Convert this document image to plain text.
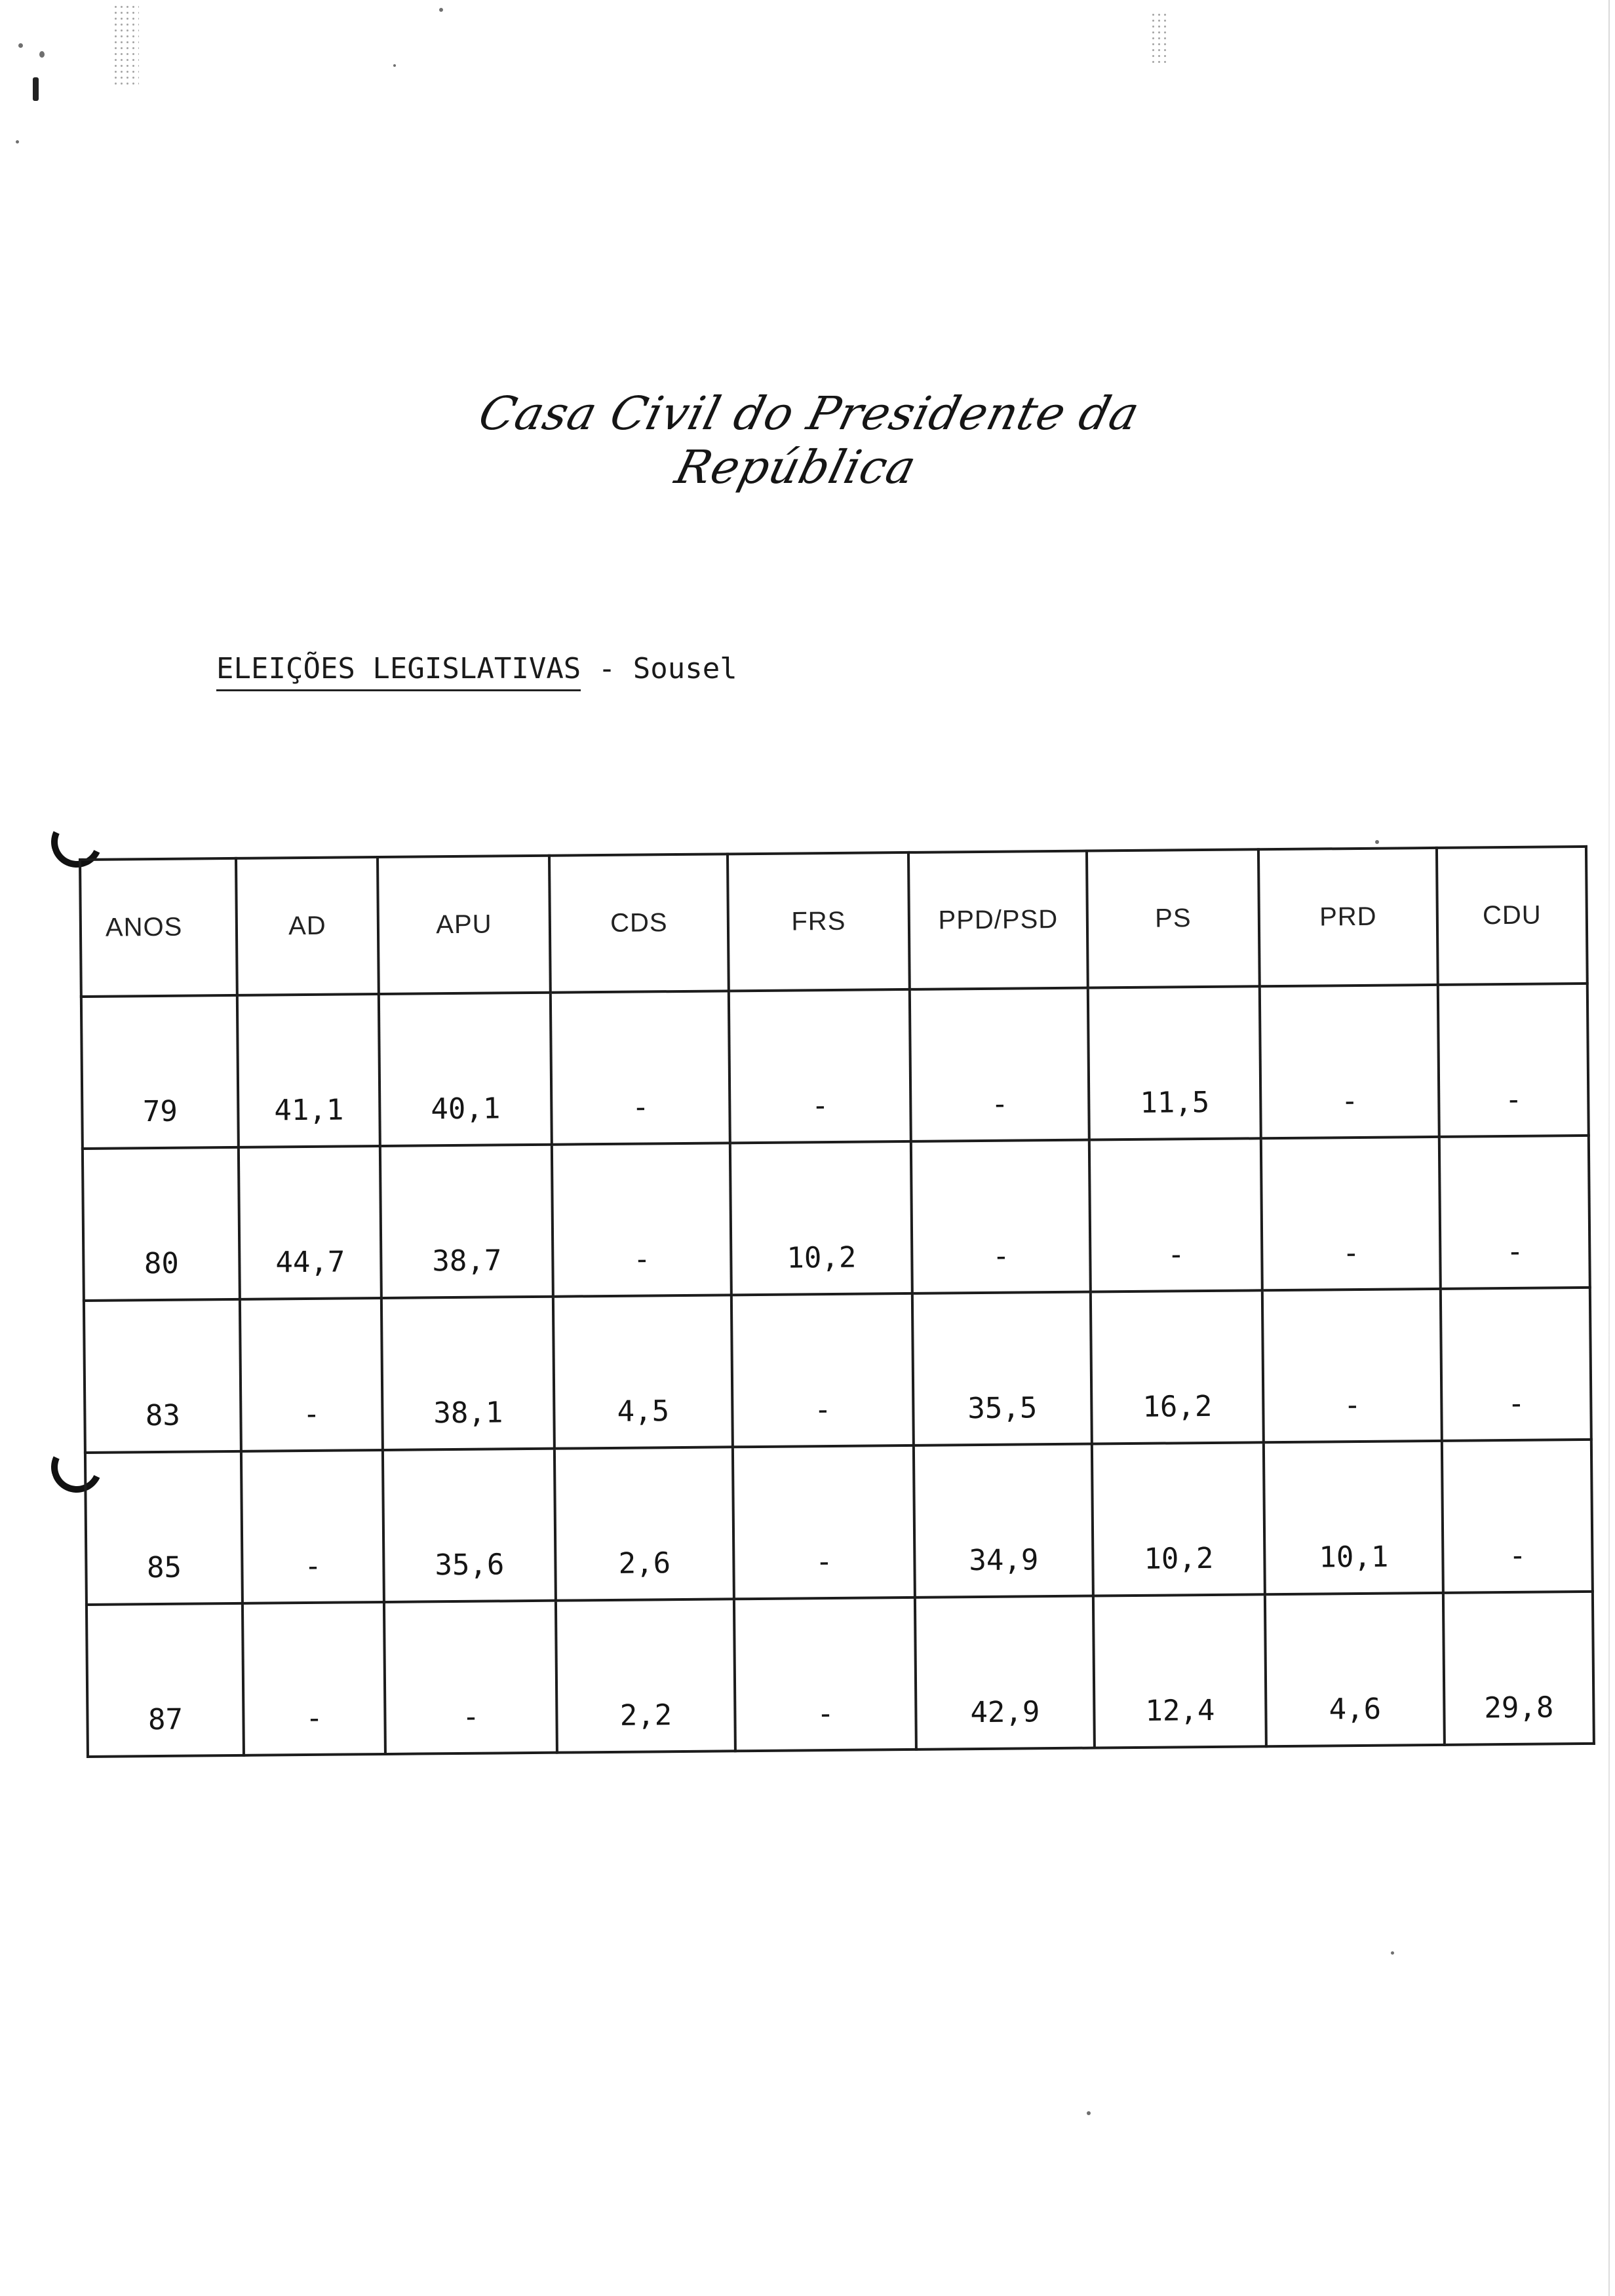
Casa Civil do Presidente da República
ELEIÇÕES LEGISLATIVAS - Sousel
ANOS	AD	APU	CDS	FRS	PPD/PSD	PS	PRD	CDU
79	41,1	40,1	-	-	-	11,5	-	-
80	44,7	38,7	-	10,2	-	-	-	-
83	-	38,1	4,5	-	35,5	16,2	-	-
85	-	35,6	2,6	-	34,9	10,2	10,1	-
87	-	-	2,2	-	42,9	12,4	4,6	29,8
